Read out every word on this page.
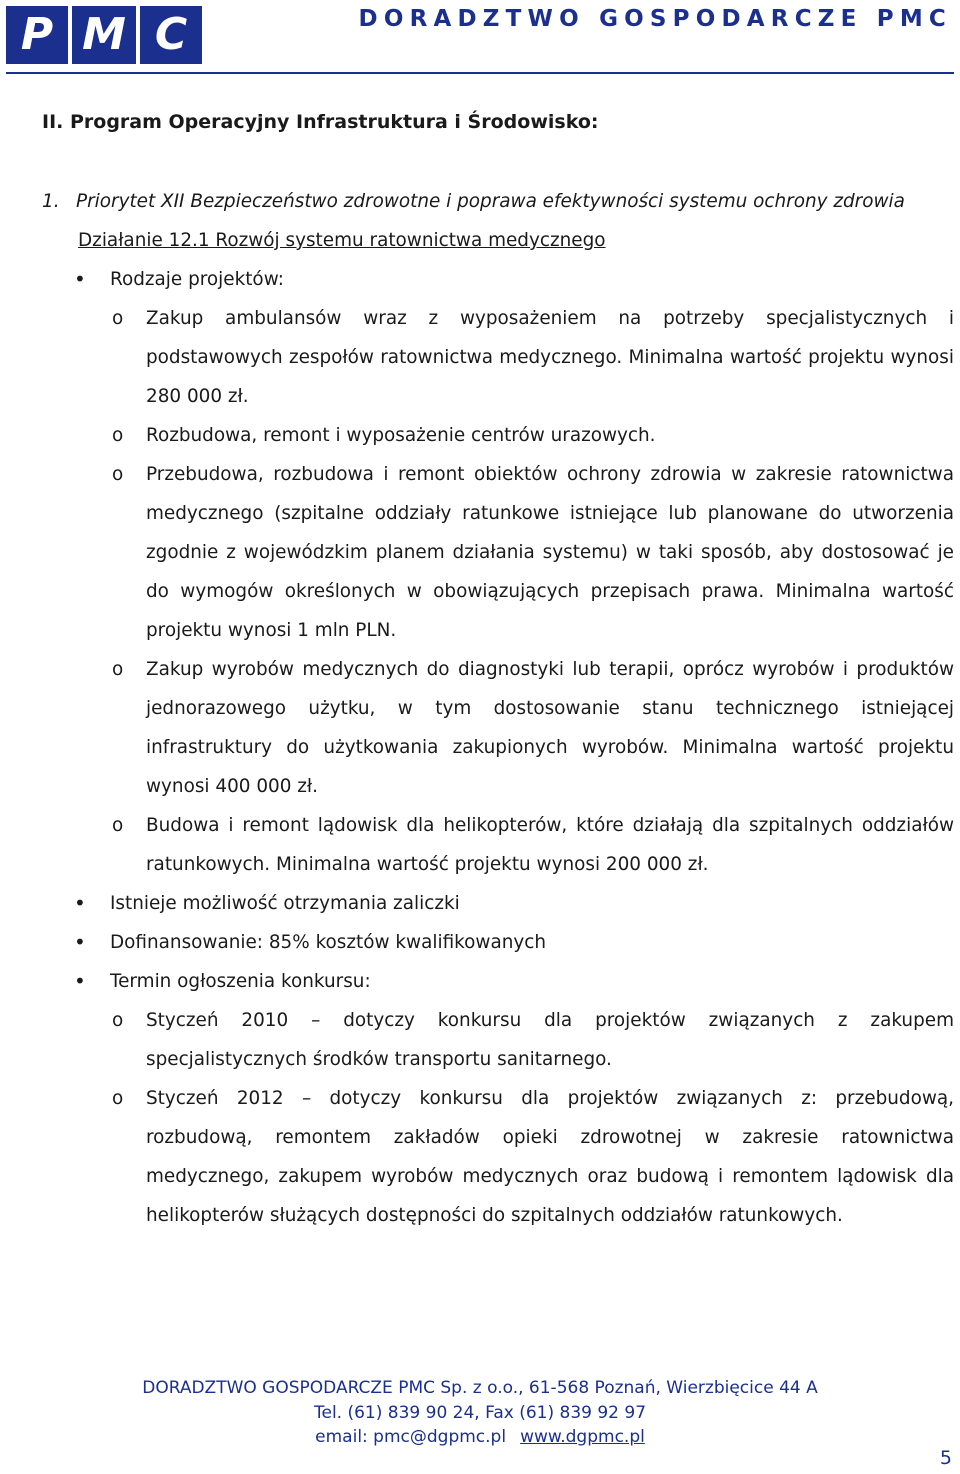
P M C	DORADZTWO GOSPODARCZE PMC

II. Program Operacyjny Infrastruktura i Środowisko:

1. Priorytet XII Bezpieczeństwo zdrowotne i poprawa efektywności systemu ochrony zdrowia

Działanie 12.1 Rozwój systemu ratownictwa medycznego

• Rodzaje projektów:

o Zakup ambulansów wraz z wyposażeniem na potrzeby specjalistycznych i podstawowych zespołów ratownictwa medycznego. Minimalna wartość projektu wynosi 280 000 zł.

o Rozbudowa, remont i wyposażenie centrów urazowych.

o Przebudowa, rozbudowa i remont obiektów ochrony zdrowia w zakresie ratownictwa medycznego (szpitalne oddziały ratunkowe istniejące lub planowane do utworzenia zgodnie z wojewódzkim planem działania systemu) w taki sposób, aby dostosować je do wymogów określonych w obowiązujących przepisach prawa. Minimalna wartość projektu wynosi 1 mln PLN.

o Zakup wyrobów medycznych do diagnostyki lub terapii, oprócz wyrobów i produktów jednorazowego użytku, w tym dostosowanie stanu technicznego istniejącej infrastruktury do użytkowania zakupionych wyrobów. Minimalna wartość projektu wynosi 400 000 zł.

o Budowa i remont lądowisk dla helikopterów, które działają dla szpitalnych oddziałów ratunkowych. Minimalna wartość projektu wynosi 200 000 zł.

• Istnieje możliwość otrzymania zaliczki

• Dofinansowanie: 85% kosztów kwalifikowanych

• Termin ogłoszenia konkursu:

o Styczeń 2010 – dotyczy konkursu dla projektów związanych z zakupem specjalistycznych środków transportu sanitarnego.

o Styczeń 2012 – dotyczy konkursu dla projektów związanych z: przebudową, rozbudową, remontem zakładów opieki zdrowotnej w zakresie ratownictwa medycznego, zakupem wyrobów medycznych oraz budową i remontem lądowisk dla helikopterów służących dostępności do szpitalnych oddziałów ratunkowych.

DORADZTWO GOSPODARCZE PMC Sp. z o.o., 61-568 Poznań, Wierzbięcice 44 A
Tel. (61) 839 90 24, Fax (61) 839 92 97
email: pmc@dgpmc.pl www.dgpmc.pl
5
